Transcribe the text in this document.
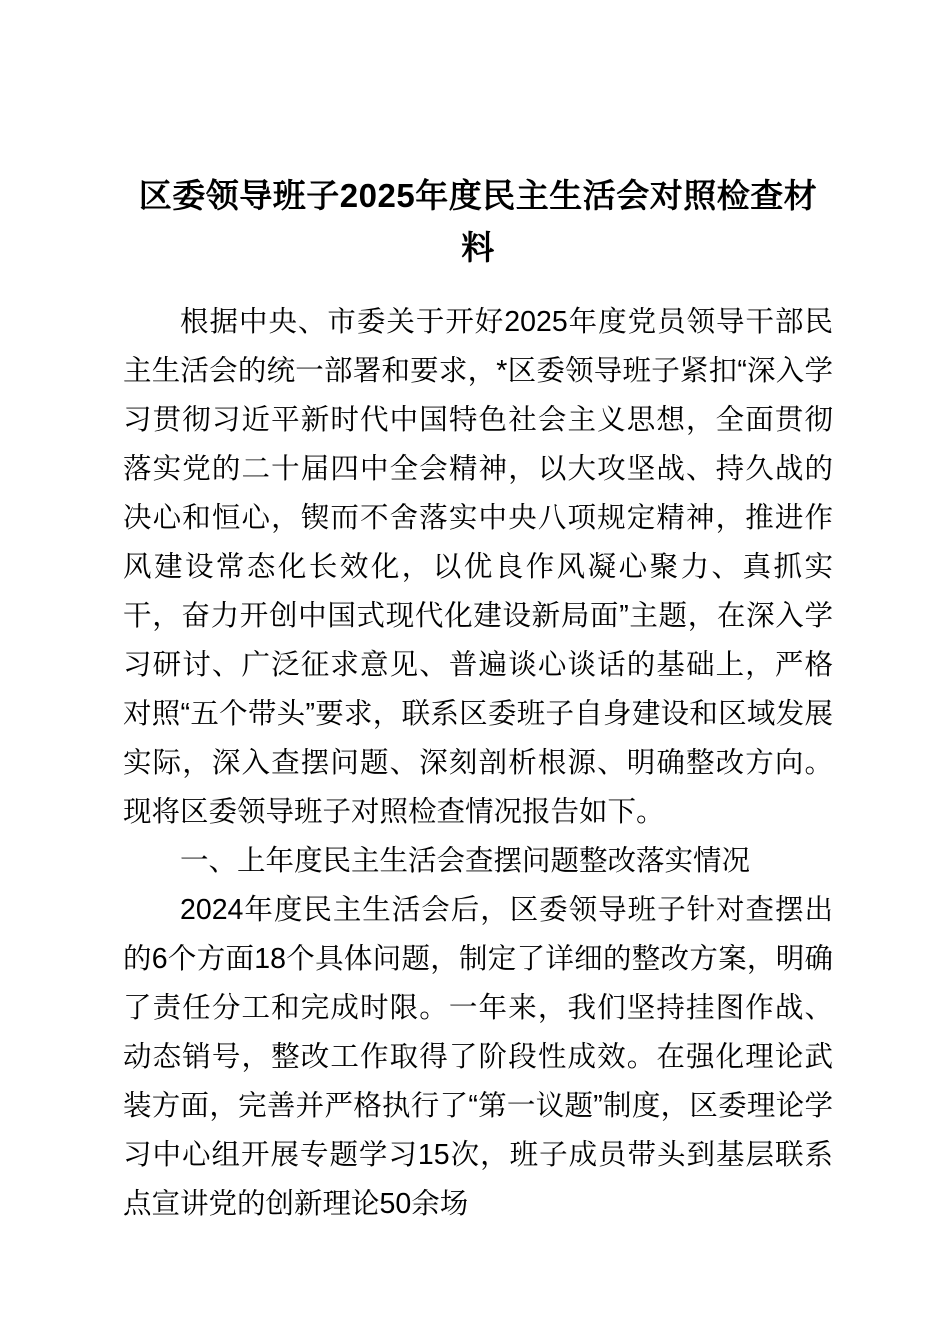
区委领导班子2025年度民主生活会对照检查材料

根据中央、市委关于开好2025年度党员领导干部民主生活会的统一部署和要求，*区委领导班子紧扣“深入学习贯彻习近平新时代中国特色社会主义思想，全面贯彻落实党的二十届四中全会精神，以大攻坚战、持久战的决心和恒心，锲而不舍落实中央八项规定精神，推进作风建设常态化长效化，以优良作风凝心聚力、真抓实干，奋力开创中国式现代化建设新局面”主题，在深入学习研讨、广泛征求意见、普遍谈心谈话的基础上，严格对照“五个带头”要求，联系区委班子自身建设和区域发展实际，深入查摆问题、深刻剖析根源、明确整改方向。现将区委领导班子对照检查情况报告如下。

一、上年度民主生活会查摆问题整改落实情况

2024年度民主生活会后，区委领导班子针对查摆出的6个方面18个具体问题，制定了详细的整改方案，明确了责任分工和完成时限。一年来，我们坚持挂图作战、动态销号，整改工作取得了阶段性成效。在强化理论武装方面，完善并严格执行了“第一议题”制度，区委理论学习中心组开展专题学习15次，班子成员带头到基层联系点宣讲党的创新理论50余场
